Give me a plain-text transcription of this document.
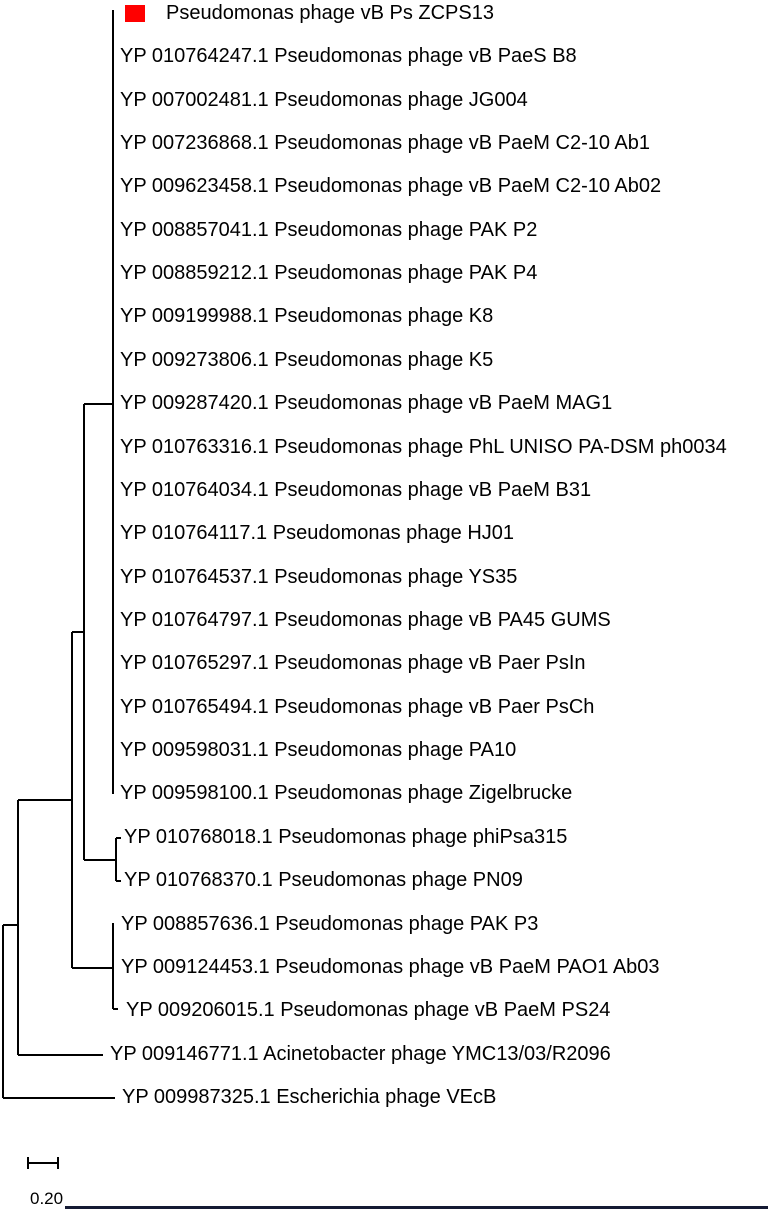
Pseudomonas phage vB Ps ZCPS13
YP 010764247.1 Pseudomonas phage vB PaeS B8
YP 007002481.1 Pseudomonas phage JG004
YP 007236868.1 Pseudomonas phage vB PaeM C2-10 Ab1
YP 009623458.1 Pseudomonas phage vB PaeM C2-10 Ab02
YP 008857041.1 Pseudomonas phage PAK P2
YP 008859212.1 Pseudomonas phage PAK P4
YP 009199988.1 Pseudomonas phage K8
YP 009273806.1 Pseudomonas phage K5
YP 009287420.1 Pseudomonas phage vB PaeM MAG1
YP 010763316.1 Pseudomonas phage PhL UNISO PA-DSM ph0034
YP 010764034.1 Pseudomonas phage vB PaeM B31
YP 010764117.1 Pseudomonas phage HJ01
YP 010764537.1 Pseudomonas phage YS35
YP 010764797.1 Pseudomonas phage vB PA45 GUMS
YP 010765297.1 Pseudomonas phage vB Paer PsIn
YP 010765494.1 Pseudomonas phage vB Paer PsCh
YP 009598031.1 Pseudomonas phage PA10
YP 009598100.1 Pseudomonas phage Zigelbrucke
YP 010768018.1 Pseudomonas phage phiPsa315
YP 010768370.1 Pseudomonas phage PN09
YP 008857636.1 Pseudomonas phage PAK P3
YP 009124453.1 Pseudomonas phage vB PaeM PAO1 Ab03
YP 009206015.1 Pseudomonas phage vB PaeM PS24
YP 009146771.1 Acinetobacter phage YMC13/03/R2096
YP 009987325.1 Escherichia phage VEcB
0.20
